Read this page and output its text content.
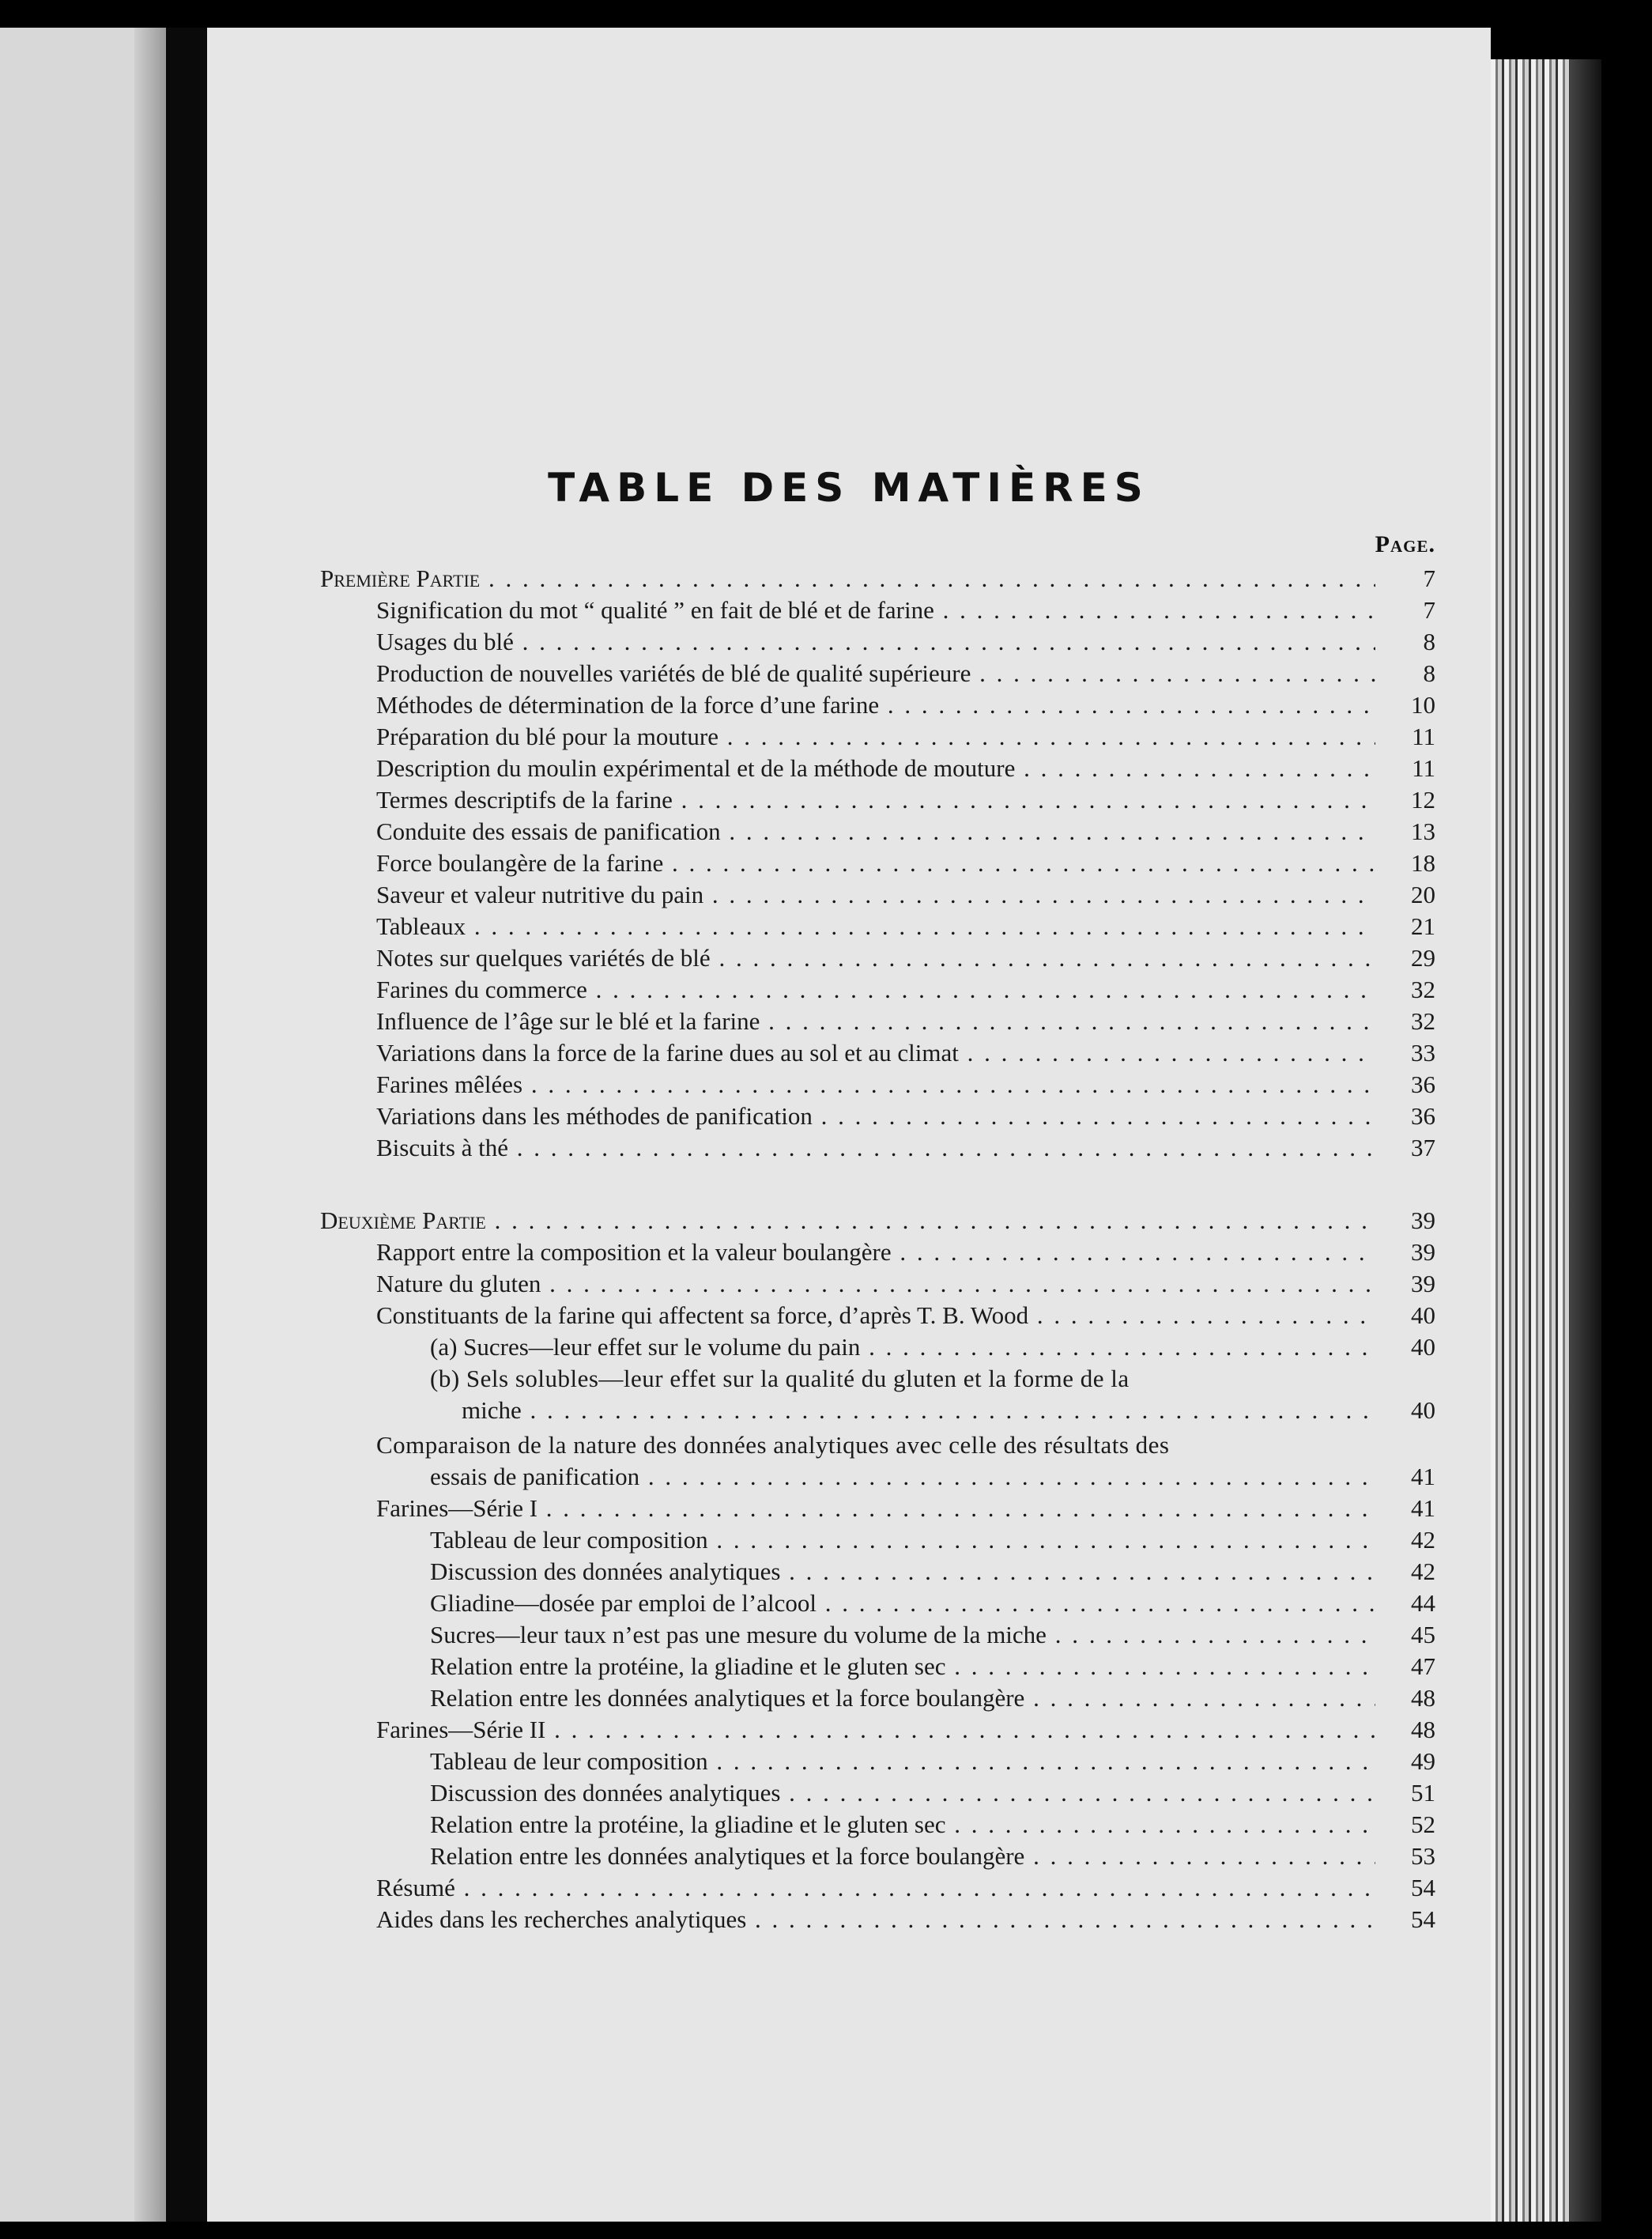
TABLE DES MATIÈRES
Page.
Première Partie . . .	7
Signification du mot “ qualité ” en fait de blé et de farine . . .	7
Usages du blé . . .	8
Production de nouvelles variétés de blé de qualité supérieure . . .	8
Méthodes de détermination de la force d’une farine . . .	10
Préparation du blé pour la mouture . . .	11
Description du moulin expérimental et de la méthode de mouture . . .	11
Termes descriptifs de la farine . . .	12
Conduite des essais de panification . . .	13
Force boulangère de la farine . . .	18
Saveur et valeur nutritive du pain . . .	20
Tableaux . . .	21
Notes sur quelques variétés de blé . . .	29
Farines du commerce . . .	32
Influence de l’âge sur le blé et la farine . . .	32
Variations dans la force de la farine dues au sol et au climat . . .	33
Farines mêlées . . .	36
Variations dans les méthodes de panification . . .	36
Biscuits à thé . . .	37
Deuxième Partie . . .	39
Rapport entre la composition et la valeur boulangère . . .	39
Nature du gluten . . .	39
Constituants de la farine qui affectent sa force, d’après T. B. Wood . . .	40
(a) Sucres—leur effet sur le volume du pain . . .	40
(b) Sels solubles—leur effet sur la qualité du gluten et la forme de la
miche . . .	40
Comparaison de la nature des données analytiques avec celle des résultats des
essais de panification . . .	41
Farines—Série I . . .	41
Tableau de leur composition . . .	42
Discussion des données analytiques . . .	42
Gliadine—dosée par emploi de l’alcool . . .	44
Sucres—leur taux n’est pas une mesure du volume de la miche . . .	45
Relation entre la protéine, la gliadine et le gluten sec . . .	47
Relation entre les données analytiques et la force boulangère . . .	48
Farines—Série II . . .	48
Tableau de leur composition . . .	49
Discussion des données analytiques . . .	51
Relation entre la protéine, la gliadine et le gluten sec . . .	52
Relation entre les données analytiques et la force boulangère . . .	53
Résumé . . .	54
Aides dans les recherches analytiques . . .	54
